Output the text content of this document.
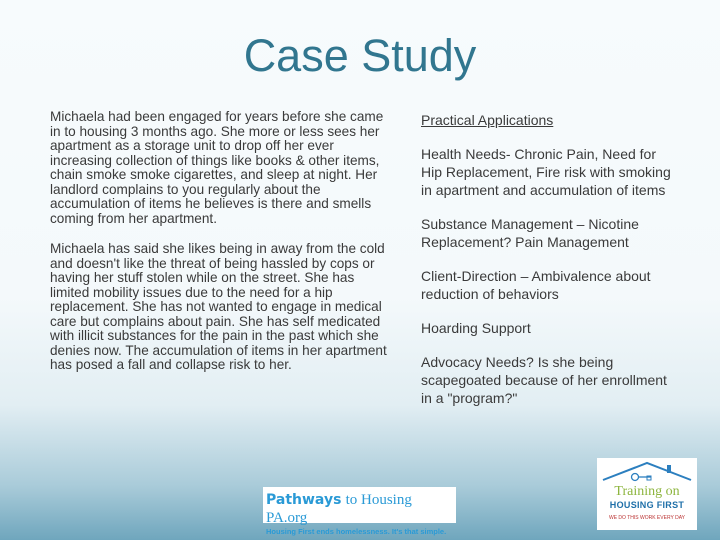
Case Study

Michaela had been engaged for years before she came in to housing 3 months ago. She more or less sees her apartment as a storage unit to drop off her ever increasing collection of things like books & other items, chain smoke smoke cigarettes, and sleep at night. Her landlord complains to you regularly about the accumulation of items he believes is there and smells coming from her apartment.

Michaela has said she likes being in away from the cold and doesn't like the threat of being hassled by cops or having her stuff stolen while on the street. She has limited mobility issues due to the need for a hip replacement. She has not wanted to engage in medical care but complains about pain. She has self medicated with illicit substances for the pain in the past which she denies now. The accumulation of items in her apartment has posed a fall and collapse risk to her.

Practical Applications

Health Needs- Chronic Pain, Need for Hip Replacement, Fire risk with smoking in apartment and accumulation of items

Substance Management – Nicotine Replacement? Pain Management

Client-Direction – Ambivalence about reduction of behaviors

Hoarding Support

Advocacy Needs? Is she being scapegoated because of her enrollment in a "program?"

Pathways to Housing PA.org
Housing First ends homelessness. It's that simple.
Training on
HOUSING FIRST
WE DO THIS WORK EVERY DAY
